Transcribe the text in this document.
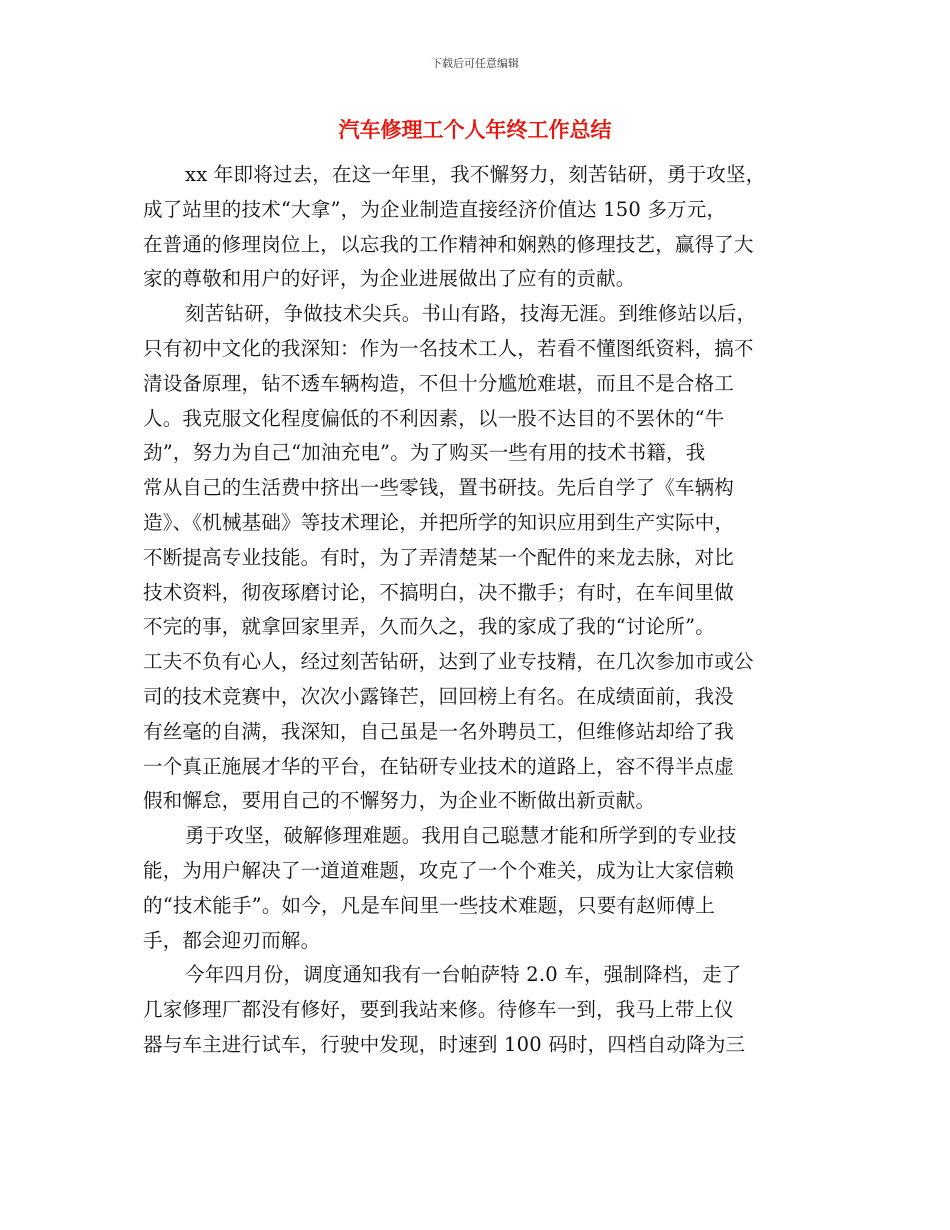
下载后可任意编辑
汽车修理工个人年终工作总结
xx 年即将过去，在这一年里，我不懈努力，刻苦钻研，勇于攻坚，
成了站里的技术“大拿”，为企业制造直接经济价值达 150 多万元，
在普通的修理岗位上，以忘我的工作精神和娴熟的修理技艺，赢得了大
家的尊敬和用户的好评，为企业进展做出了应有的贡献。
刻苦钻研，争做技术尖兵。书山有路，技海无涯。到维修站以后，
只有初中文化的我深知：作为一名技术工人，若看不懂图纸资料，搞不
清设备原理，钻不透车辆构造，不但十分尴尬难堪，而且不是合格工
人。我克服文化程度偏低的不利因素，以一股不达目的不罢休的“牛
劲”，努力为自己“加油充电”。为了购买一些有用的技术书籍，我
常从自己的生活费中挤出一些零钱，置书研技。先后自学了《车辆构
造》、《机械基础》等技术理论，并把所学的知识应用到生产实际中，
不断提高专业技能。有时，为了弄清楚某一个配件的来龙去脉，对比
技术资料，彻夜琢磨讨论，不搞明白，决不撒手；有时，在车间里做
不完的事，就拿回家里弄，久而久之，我的家成了我的“讨论所”。
工夫不负有心人，经过刻苦钻研，达到了业专技精，在几次参加市或公
司的技术竞赛中，次次小露锋芒，回回榜上有名。在成绩面前，我没
有丝毫的自满，我深知，自己虽是一名外聘员工，但维修站却给了我
一个真正施展才华的平台，在钻研专业技术的道路上，容不得半点虚
假和懈怠，要用自己的不懈努力，为企业不断做出新贡献。
勇于攻坚，破解修理难题。我用自己聪慧才能和所学到的专业技
能，为用户解决了一道道难题，攻克了一个个难关，成为让大家信赖
的“技术能手”。如今，凡是车间里一些技术难题，只要有赵师傅上
手，都会迎刃而解。
今年四月份，调度通知我有一台帕萨特 2.0 车，强制降档，走了
几家修理厂都没有修好，要到我站来修。待修车一到，我马上带上仪
器与车主进行试车，行驶中发现，时速到 100 码时，四档自动降为三
